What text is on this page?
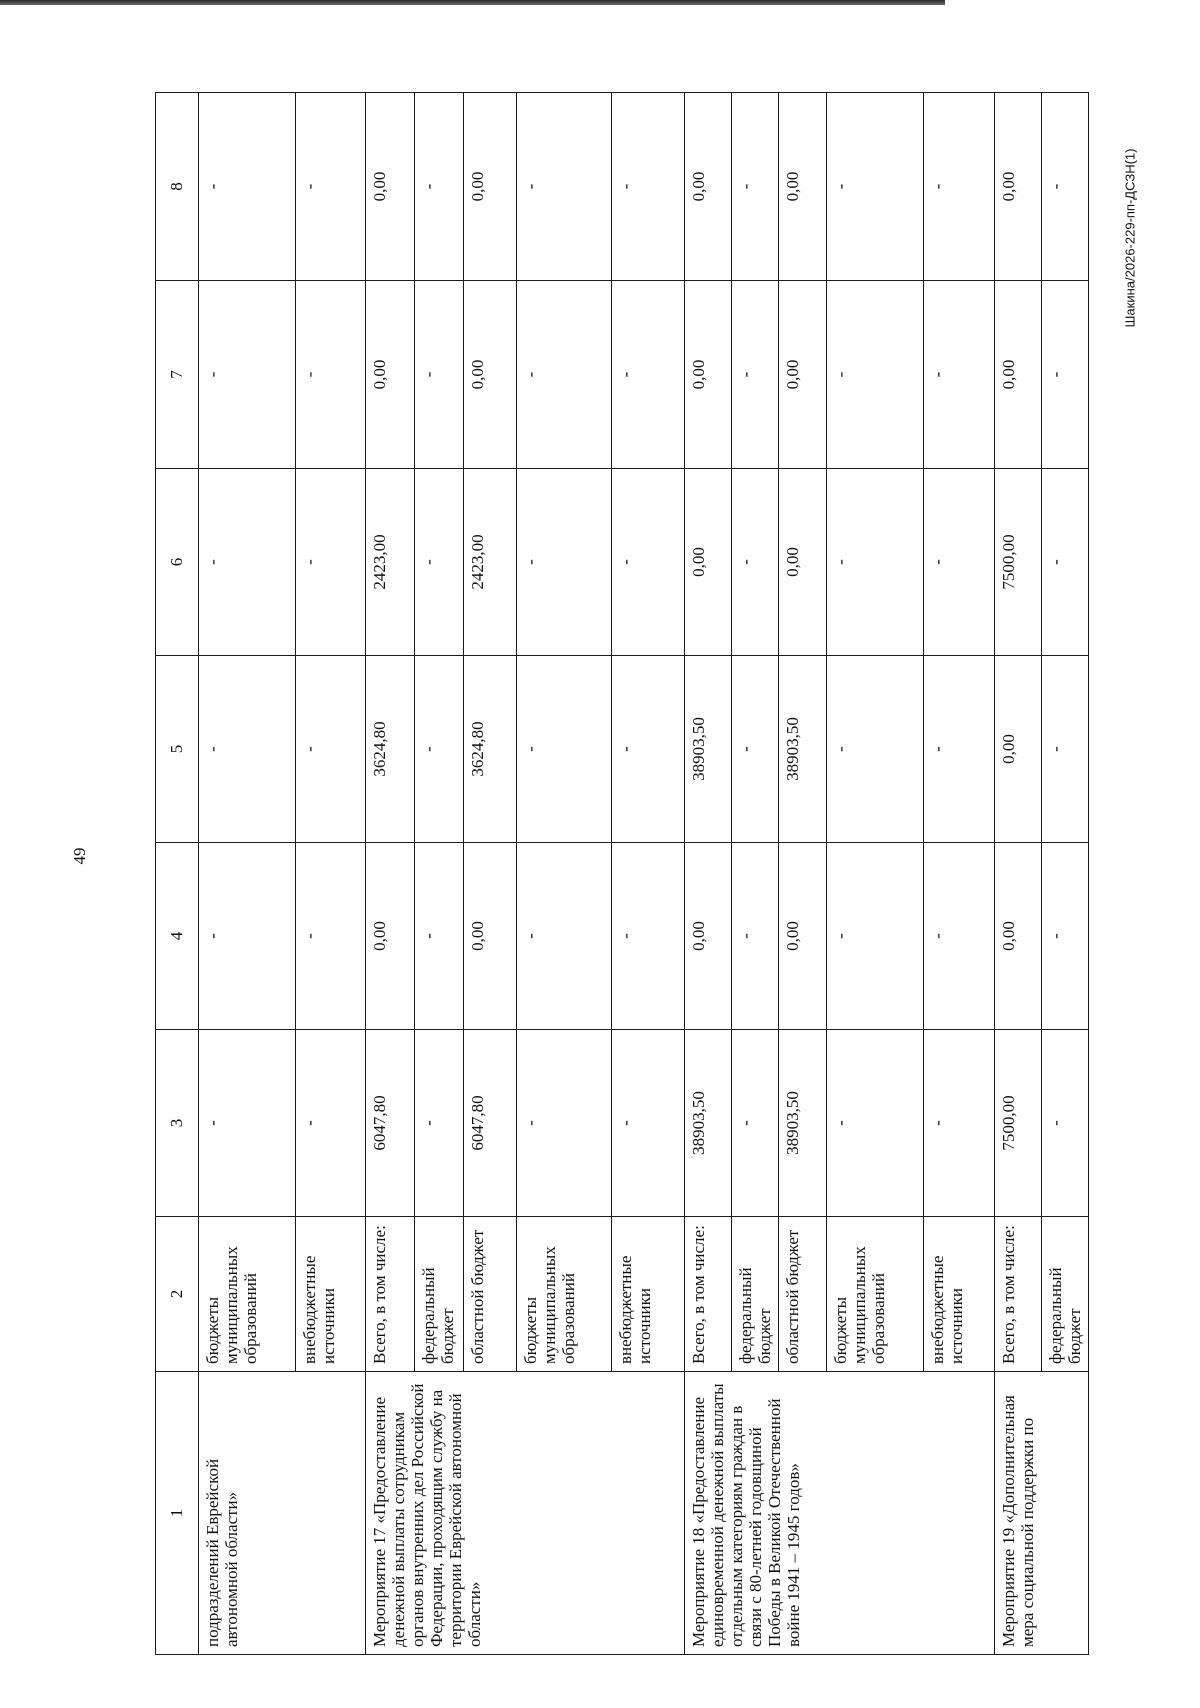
49
Шакина/2026-229-пп-ДСЗН(1)
1	2	3	4	5	6	7	8
подразделений Еврейской автономной области»	бюджеты муниципальных образований	-	-	-	-	-	-
	внебюджетные источники	-	-	-	-	-	-
Мероприятие 17 «Предоставление денежной выплаты сотрудникам органов внутренних дел Российской Федерации, проходящим службу на территории Еврейской автономной области»	Всего, в том числе:	6047,80	0,00	3624,80	2423,00	0,00	0,00
	федеральный бюджет	-	-	-	-	-	-
	областной бюджет	6047,80	0,00	3624,80	2423,00	0,00	0,00
	бюджеты муниципальных образований	-	-	-	-	-	-
	внебюджетные источники	-	-	-	-	-	-
Мероприятие 18 «Предоставление единовременной денежной выплаты отдельным категориям граждан в связи с 80-летней годовщиной Победы в Великой Отечественной войне 1941 – 1945 годов»	Всего, в том числе:	38903,50	0,00	38903,50	0,00	0,00	0,00
	федеральный бюджет	-	-	-	-	-	-
	областной бюджет	38903,50	0,00	38903,50	0,00	0,00	0,00
	бюджеты муниципальных образований	-	-	-	-	-	-
	внебюджетные источники	-	-	-	-	-	-
Мероприятие 19 «Дополнительная мера социальной поддержки по	Всего, в том числе:	7500,00	0,00	0,00	7500,00	0,00	0,00
	федеральный бюджет	-	-	-	-	-	-
